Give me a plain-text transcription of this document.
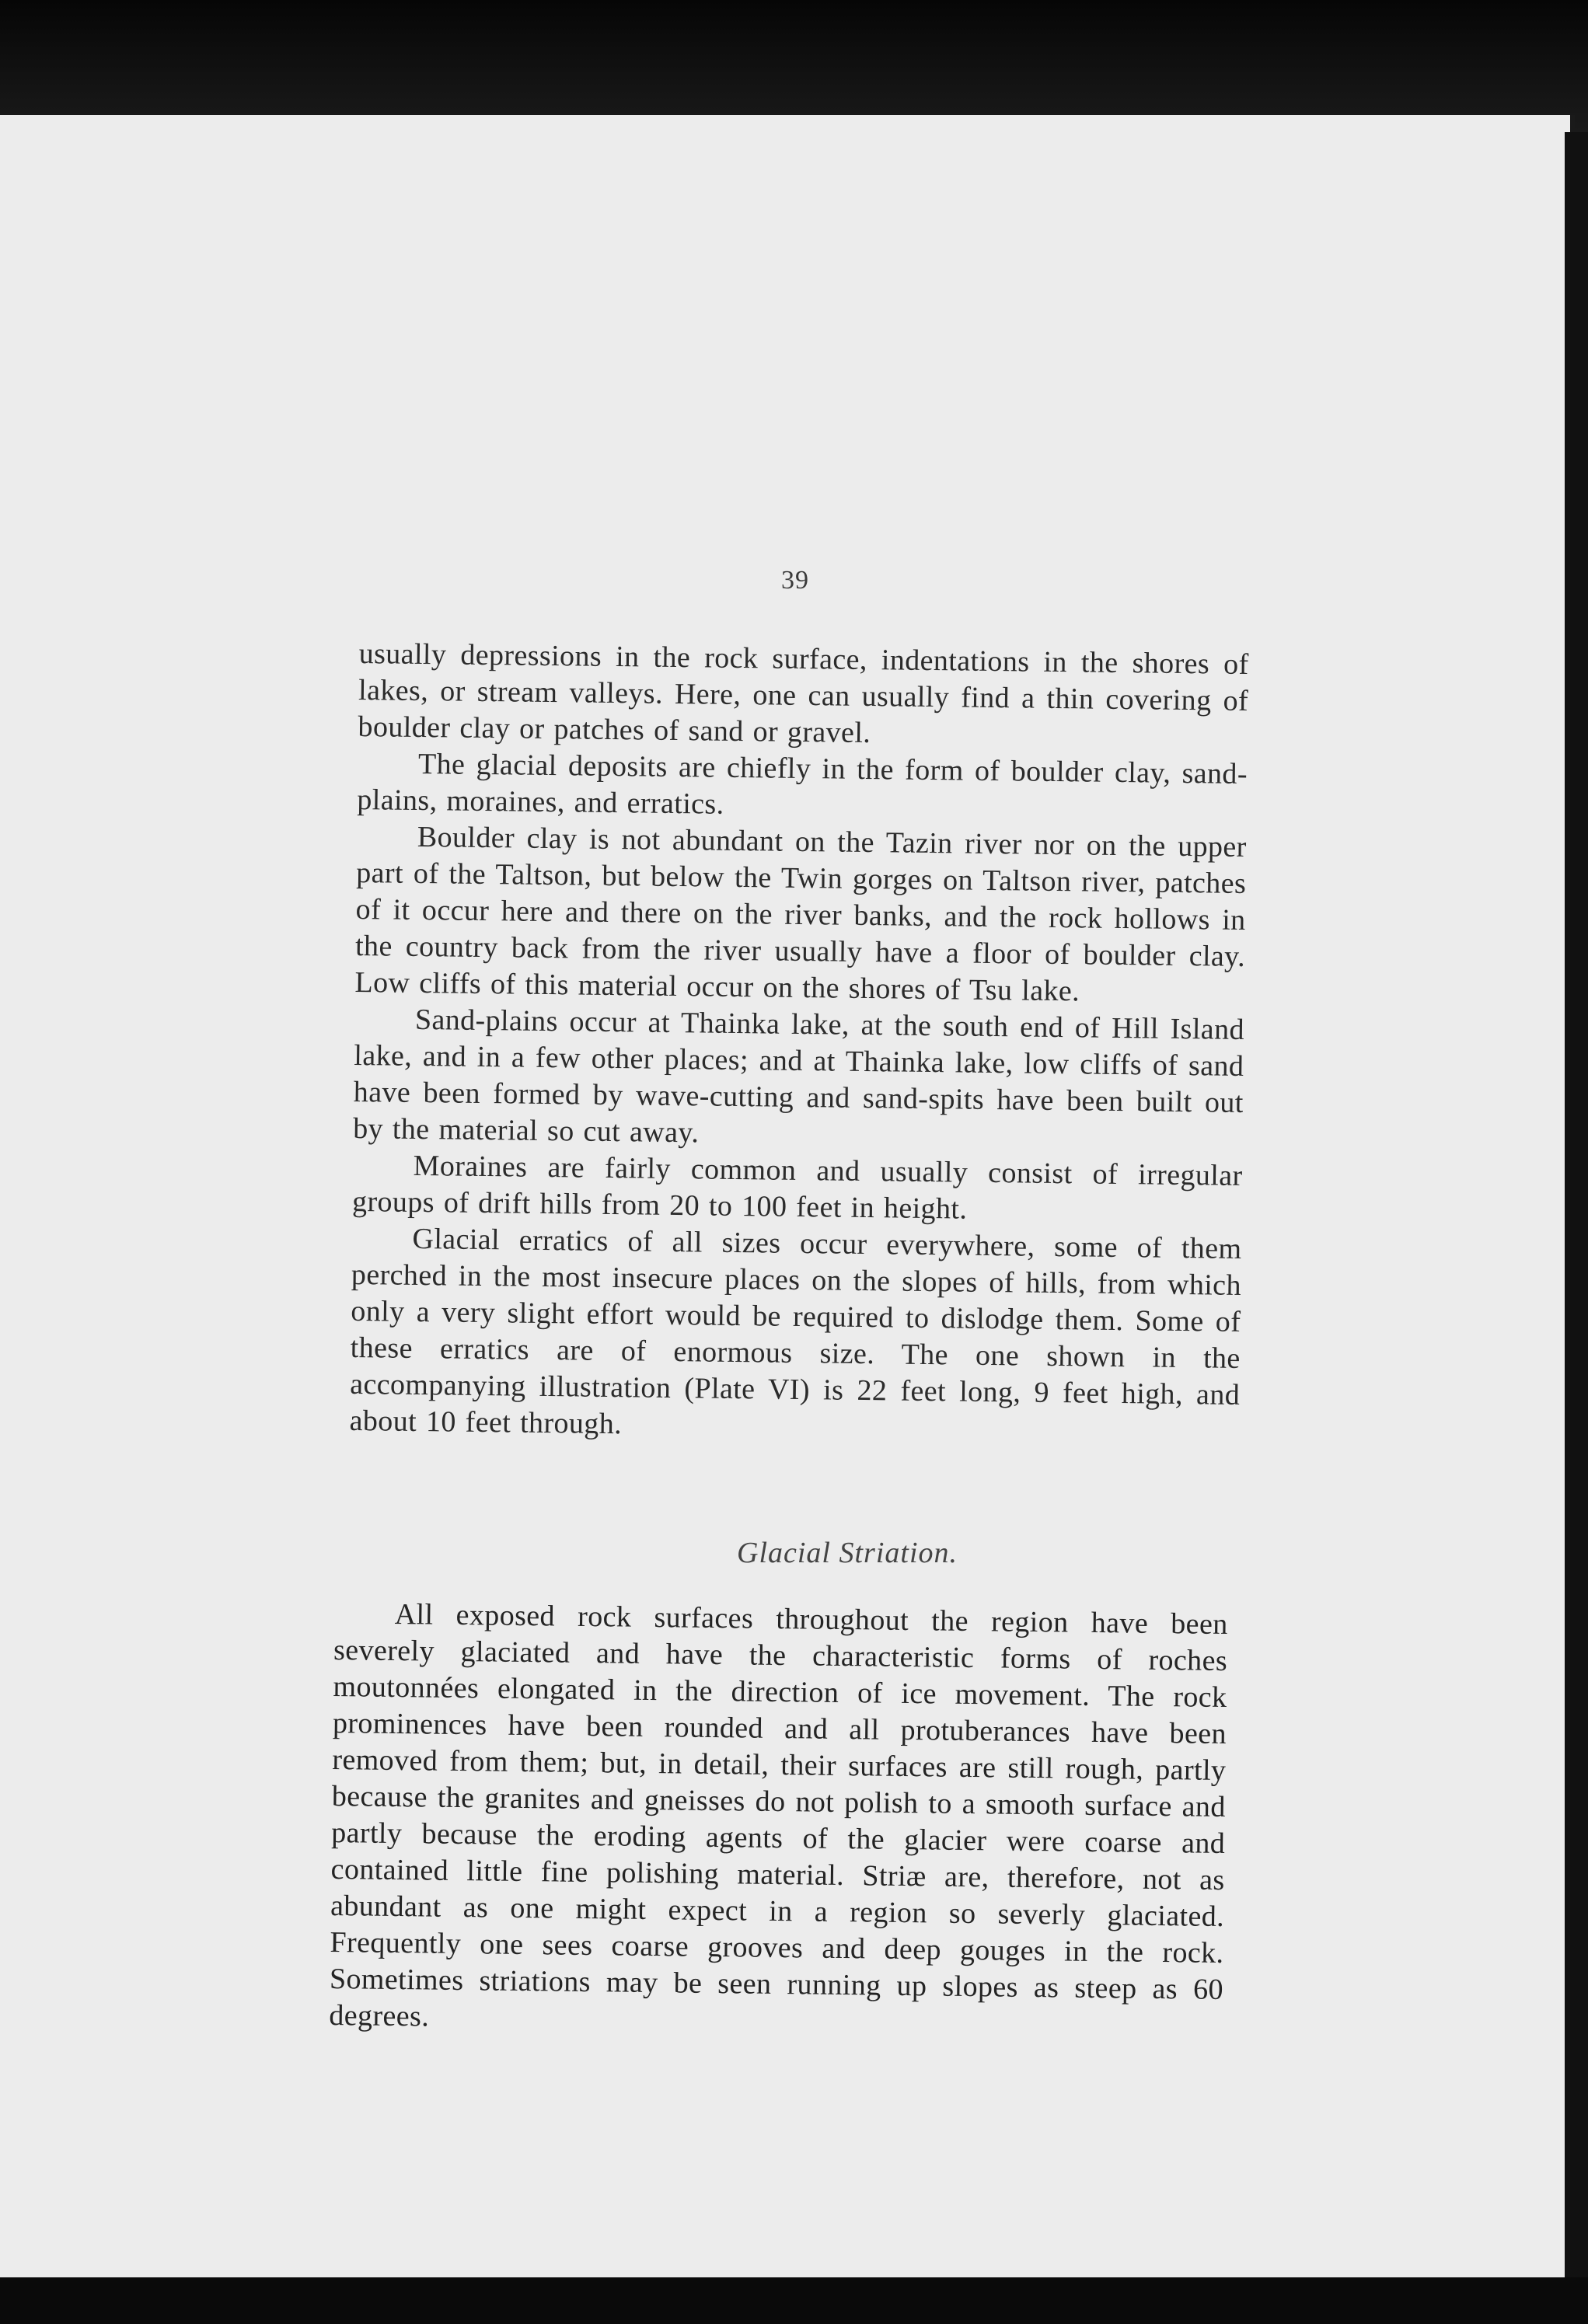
39

usually depressions in the rock surface, indentations in the shores of lakes, or stream valleys. Here, one can usually find a thin covering of boulder clay or patches of sand or gravel.

The glacial deposits are chiefly in the form of boulder clay, sand-plains, moraines, and erratics.

Boulder clay is not abundant on the Tazin river nor on the upper part of the Taltson, but below the Twin gorges on Taltson river, patches of it occur here and there on the river banks, and the rock hollows in the country back from the river usually have a floor of boulder clay. Low cliffs of this material occur on the shores of Tsu lake.

Sand-plains occur at Thainka lake, at the south end of Hill Island lake, and in a few other places; and at Thainka lake, low cliffs of sand have been formed by wave-cutting and sand-spits have been built out by the material so cut away.

Moraines are fairly common and usually consist of irregular groups of drift hills from 20 to 100 feet in height.

Glacial erratics of all sizes occur everywhere, some of them perched in the most insecure places on the slopes of hills, from which only a very slight effort would be required to dislodge them. Some of these erratics are of enormous size. The one shown in the accompanying illustration (Plate VI) is 22 feet long, 9 feet high, and about 10 feet through.

Glacial Striation.

All exposed rock surfaces throughout the region have been severely glaciated and have the characteristic forms of roches moutonnées elongated in the direction of ice movement. The rock prominences have been rounded and all protuberances have been removed from them; but, in detail, their surfaces are still rough, partly because the granites and gneisses do not polish to a smooth surface and partly because the eroding agents of the glacier were coarse and contained little fine polishing material. Striæ are, therefore, not as abundant as one might expect in a region so severly glaciated. Frequently one sees coarse grooves and deep gouges in the rock. Sometimes striations may be seen running up slopes as steep as 60 degrees.
